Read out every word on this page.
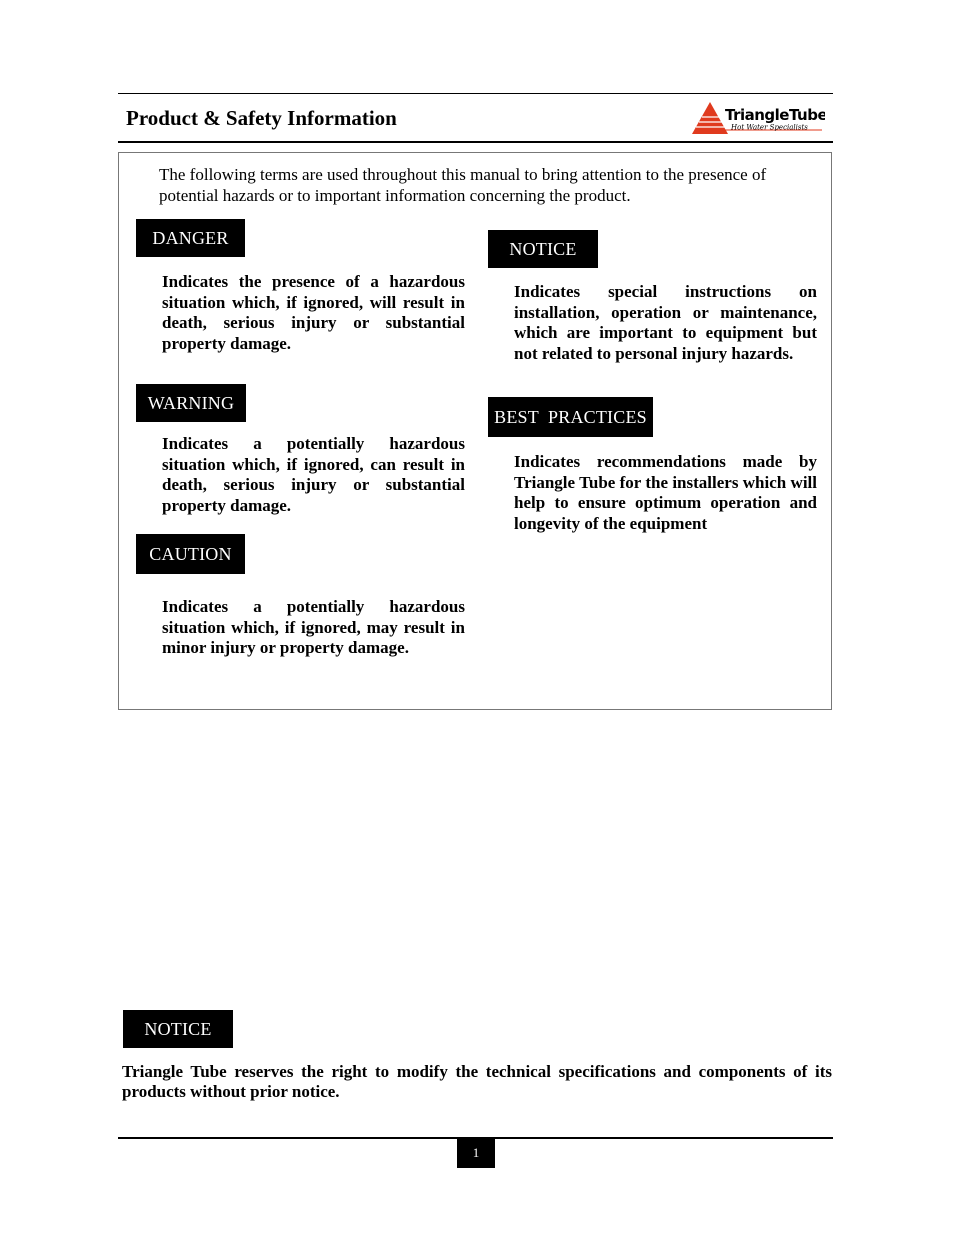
Product & Safety Information	TriangleTube
Hot Water Specialists
The following terms are used throughout this manual to bring attention to the presence of potential hazards or to important information concerning the product.
DANGER
Indicates the presence of a hazardous situation which, if ignored, will result in death, serious injury or substantial property damage.
WARNING
Indicates a potentially hazardous situation which, if ignored, can result in death, serious injury or substantial property damage.
CAUTION
Indicates a potentially hazardous situation which, if ignored, may result in minor injury or property damage.
NOTICE
Indicates special instructions on installation, operation or maintenance, which are important to equipment but not related to personal injury hazards.
BEST  PRACTICES
Indicates recommendations made by Triangle Tube for the installers which will help to ensure optimum operation and longevity of the equipment
NOTICE
Triangle Tube reserves the right to modify the technical specifications and components of its products without prior notice.
1
